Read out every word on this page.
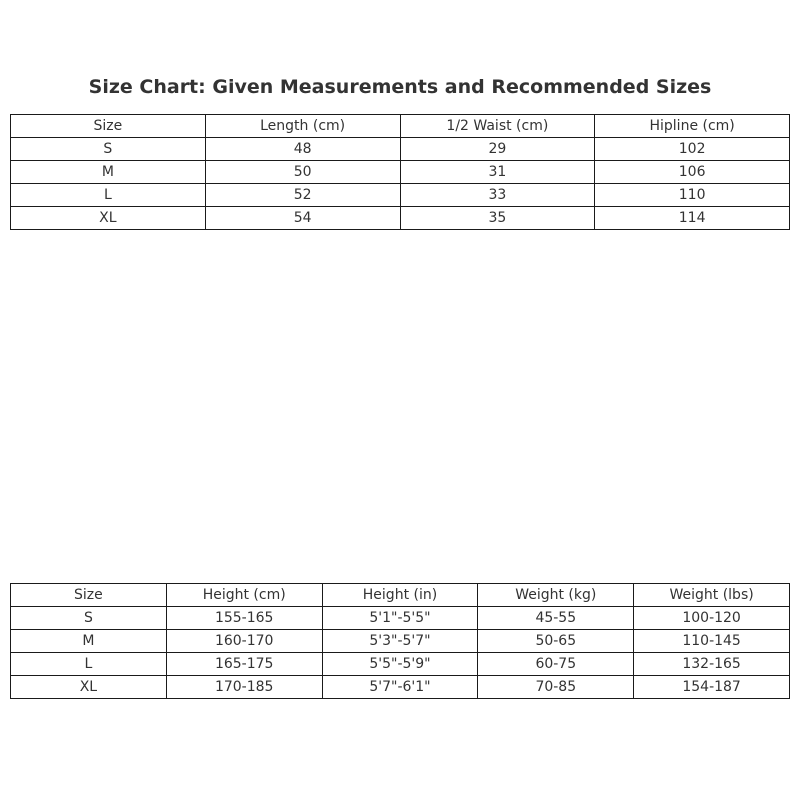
Size Chart: Given Measurements and Recommended Sizes
Size	Length (cm)	1/2 Waist (cm)	Hipline (cm)
S	48	29	102
M	50	31	106
L	52	33	110
XL	54	35	114
Size	Height (cm)	Height (in)	Weight (kg)	Weight (lbs)
S	155-165	5'1"-5'5"	45-55	100-120
M	160-170	5'3"-5'7"	50-65	110-145
L	165-175	5'5"-5'9"	60-75	132-165
XL	170-185	5'7"-6'1"	70-85	154-187
